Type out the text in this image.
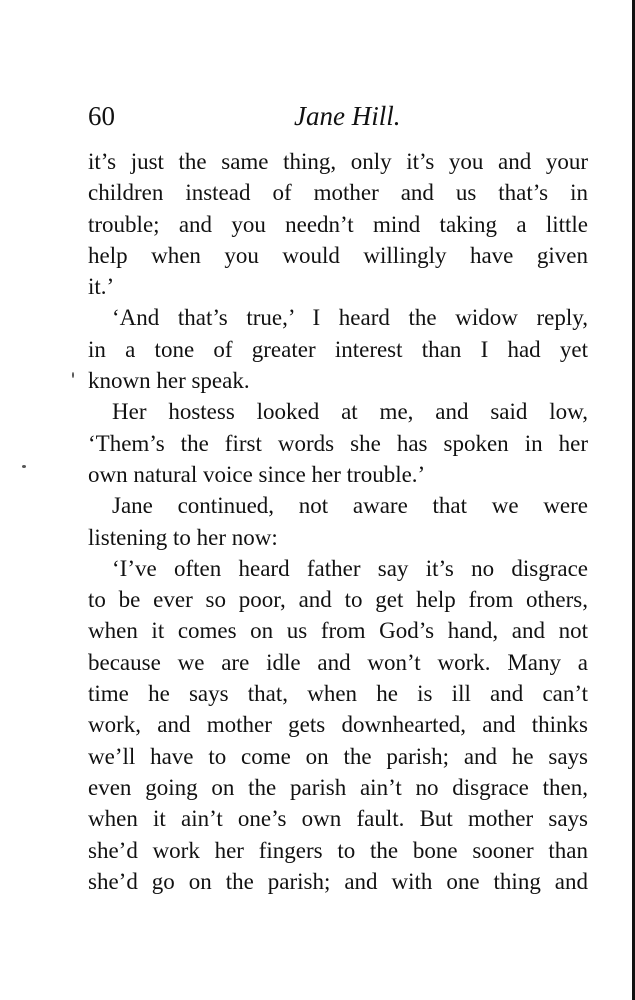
60	Jane Hill.
it’s just the same thing, only it’s you and your
children instead of mother and us that’s in
trouble; and you needn’t mind taking a little
help when you would willingly have given
it.’
‘And that’s true,’ I heard the widow reply,
in a tone of greater interest than I had yet
known her speak.
Her hostess looked at me, and said low,
‘Them’s the first words she has spoken in her
own natural voice since her trouble.’
Jane continued, not aware that we were
listening to her now:
‘I’ve often heard father say it’s no disgrace
to be ever so poor, and to get help from others,
when it comes on us from God’s hand, and not
because we are idle and won’t work. Many a
time he says that, when he is ill and can’t
work, and mother gets downhearted, and thinks
we’ll have to come on the parish; and he says
even going on the parish ain’t no disgrace then,
when it ain’t one’s own fault. But mother says
she’d work her fingers to the bone sooner than
she’d go on the parish; and with one thing and
